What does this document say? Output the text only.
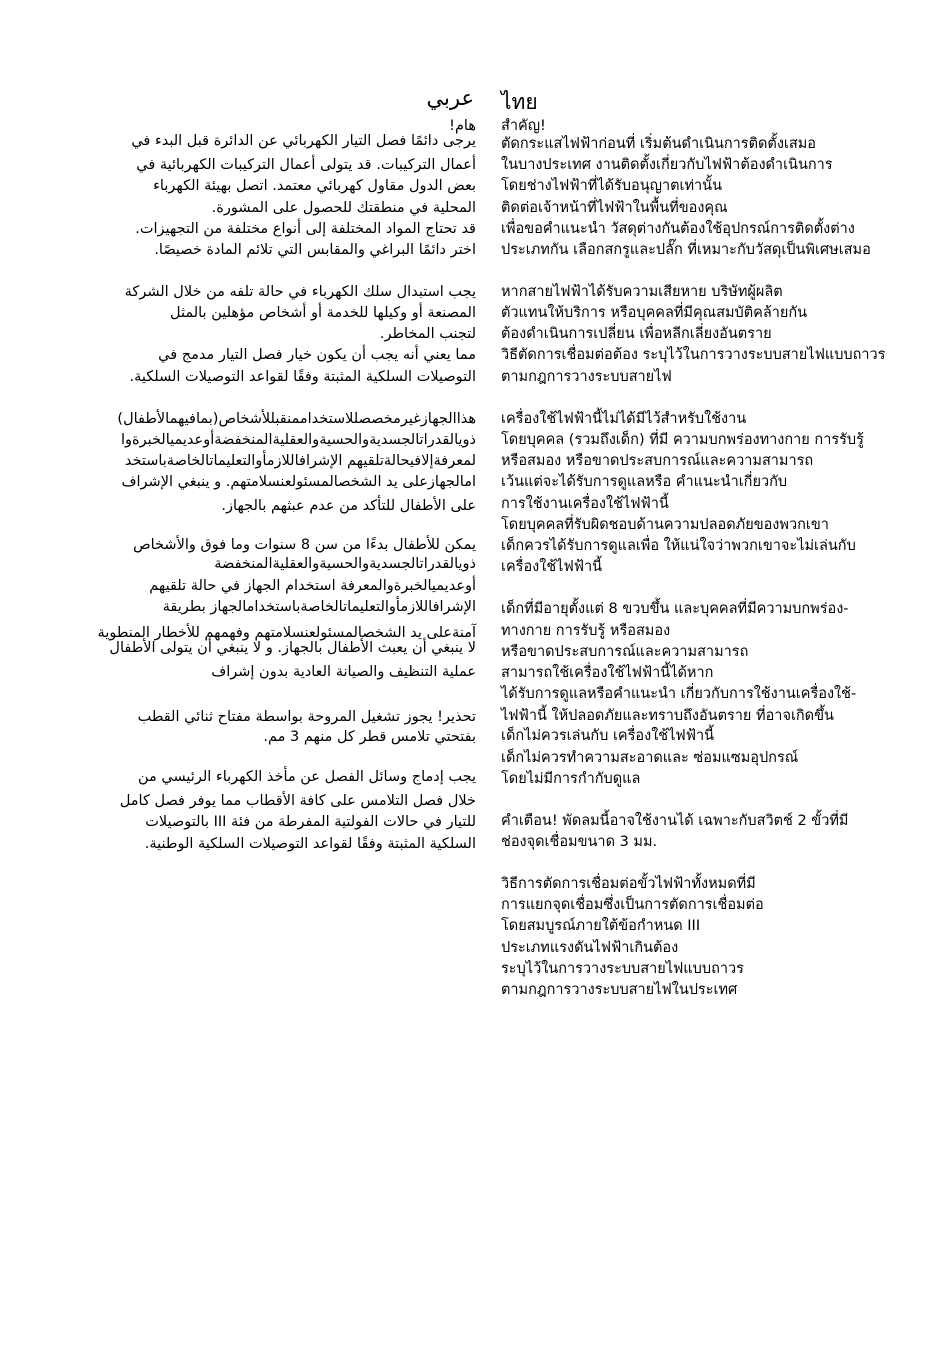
عربي
هام!
يرجى دائمًا فصل التيار الكهربائي عن الدائرة قبل البدء في
أعمال التركيبات. قد يتولى أعمال التركيبات الكهربائية في
بعض الدول مقاول كهربائي معتمد. اتصل بهيئة الكهرباء
المحلية في منطقتك للحصول على المشورة.
قد تحتاج المواد المختلفة إلى أنواع مختلفة من التجهيزات.
اختر دائمًا البراغي والمقابس التي تلائم المادة خصيصًا.
يجب استبدال سلك الكهرباء في حالة تلفه من خلال الشركة
المصنعة أو وكيلها للخدمة أو أشخاص مؤهلين بالمثل
لتجنب المخاطر.
مما يعني أنه يجب أن يكون خيار فصل التيار مدمج في
التوصيلات السلكية المثبتة وفقًا لقواعد التوصيلات السلكية.
هذاالجهازغيرمخصصللاستخداممنقبللأشخاص(بمافيهمالأطفال)
ذويالقدراتالجسديةوالحسيةوالعقليةالمنخفضةأوعديميالخبرةوا
لمعرفةإلافيحالةتلقيهم الإشرافاللازمأوالتعليماتالخاصةباستخد
امالجهازعلى يد الشخصالمسئولعنسلامتهم. و ينبغي الإشراف
على الأطفال للتأكد من عدم عبثهم بالجهاز.
يمكن للأطفال بدءًا من سن 8 سنوات وما فوق والأشخاص
ذويالقدراتالجسديةوالحسيةوالعقليةالمنخفضة
أوعديميالخبرةوالمعرفة استخدام الجهاز في حالة تلقيهم
الإشرافاللازمأوالتعليماتالخاصةباستخدامالجهاز بطريقة
آمنةعلى يد الشخصالمسئولعنسلامتهم وفهمهم للأخطار المنطوية
لا ينبغي أن يعبث الأطفال بالجهاز. و لا ينبغي أن يتولى الأطفال
عملية التنظيف والصيانة العادية بدون إشراف
تحذير! يجوز تشغيل المروحة بواسطة مفتاح ثنائي القطب
بفتحتي تلامس قطر كل منهم 3 مم.
يجب إدماج وسائل الفصل عن مأخذ الكهرباء الرئيسي من
خلال فصل التلامس على كافة الأقطاب مما يوفر فصل كامل
للتيار في حالات الفولتية المفرطة من فئة III بالتوصيلات
السلكية المثبتة وفقًا لقواعد التوصيلات السلكية الوطنية.
ไทย
สำคัญ!
ตัดกระแสไฟฟ้าก่อนที่ เริ่มต้นดำเนินการติดตั้งเสมอ
ในบางประเทศ งานติดตั้งเกี่ยวกับไฟฟ้าต้องดำเนินการ
โดยช่างไฟฟ้าที่ได้รับอนุญาตเท่านั้น
ติดต่อเจ้าหน้าที่ไฟฟ้าในพื้นที่ของคุณ
เพื่อขอคำแนะนำ วัสดุต่างกันต้องใช้อุปกรณ์การติดตั้งต่าง
ประเภทกัน เลือกสกรูและปลั๊ก ที่เหมาะกับวัสดุเป็นพิเศษเสมอ
หากสายไฟฟ้าได้รับความเสียหาย บริษัทผู้ผลิต
ตัวแทนให้บริการ หรือบุคคลที่มีคุณสมบัติคล้ายกัน
ต้องดำเนินการเปลี่ยน เพื่อหลีกเลี่ยงอันตราย
วิธีตัดการเชื่อมต่อต้อง ระบุไว้ในการวางระบบสายไฟแบบถาวร
ตามกฎการวางระบบสายไฟ
เครื่องใช้ไฟฟ้านี้ไม่ได้มีไว้สำหรับใช้งาน
โดยบุคคล (รวมถึงเด็ก) ที่มี ความบกพร่องทางกาย การรับรู้
หรือสมอง หรือขาดประสบการณ์และความสามารถ
เว้นแต่จะได้รับการดูแลหรือ คำแนะนำเกี่ยวกับ
การใช้งานเครื่องใช้ไฟฟ้านี้
โดยบุคคลที่รับผิดชอบด้านความปลอดภัยของพวกเขา
เด็กควรได้รับการดูแลเพื่อ ให้แน่ใจว่าพวกเขาจะไม่เล่นกับ
เครื่องใช้ไฟฟ้านี้
เด็กที่มีอายุตั้งแต่ 8 ขวบขึ้น และบุคคลที่มีความบกพร่อง-
ทางกาย การรับรู้ หรือสมอง
หรือขาดประสบการณ์และความสามารถ
สามารถใช้เครื่องใช้ไฟฟ้านี้ได้หาก
ได้รับการดูแลหรือคำแนะนำ เกี่ยวกับการใช้งานเครื่องใช้-
ไฟฟ้านี้ ให้ปลอดภัยและทราบถึงอันตราย ที่อาจเกิดขึ้น
เด็กไม่ควรเล่นกับ เครื่องใช้ไฟฟ้านี้
เด็กไม่ควรทำความสะอาดและ ซ่อมแซมอุปกรณ์
โดยไม่มีการกำกับดูแล
คำเตือน! พัดลมนี้อาจใช้งานได้ เฉพาะกับสวิตช์ 2 ขั้วที่มี
ช่องจุดเชื่อมขนาด 3 มม.
วิธีการตัดการเชื่อมต่อขั้วไฟฟ้าทั้งหมดที่มี
การแยกจุดเชื่อมซึ่งเป็นการตัดการเชื่อมต่อ
โดยสมบูรณ์ภายใต้ข้อกำหนด III
ประเภทแรงดันไฟฟ้าเกินต้อง
ระบุไว้ในการวางระบบสายไฟแบบถาวร
ตามกฎการวางระบบสายไฟในประเทศ
